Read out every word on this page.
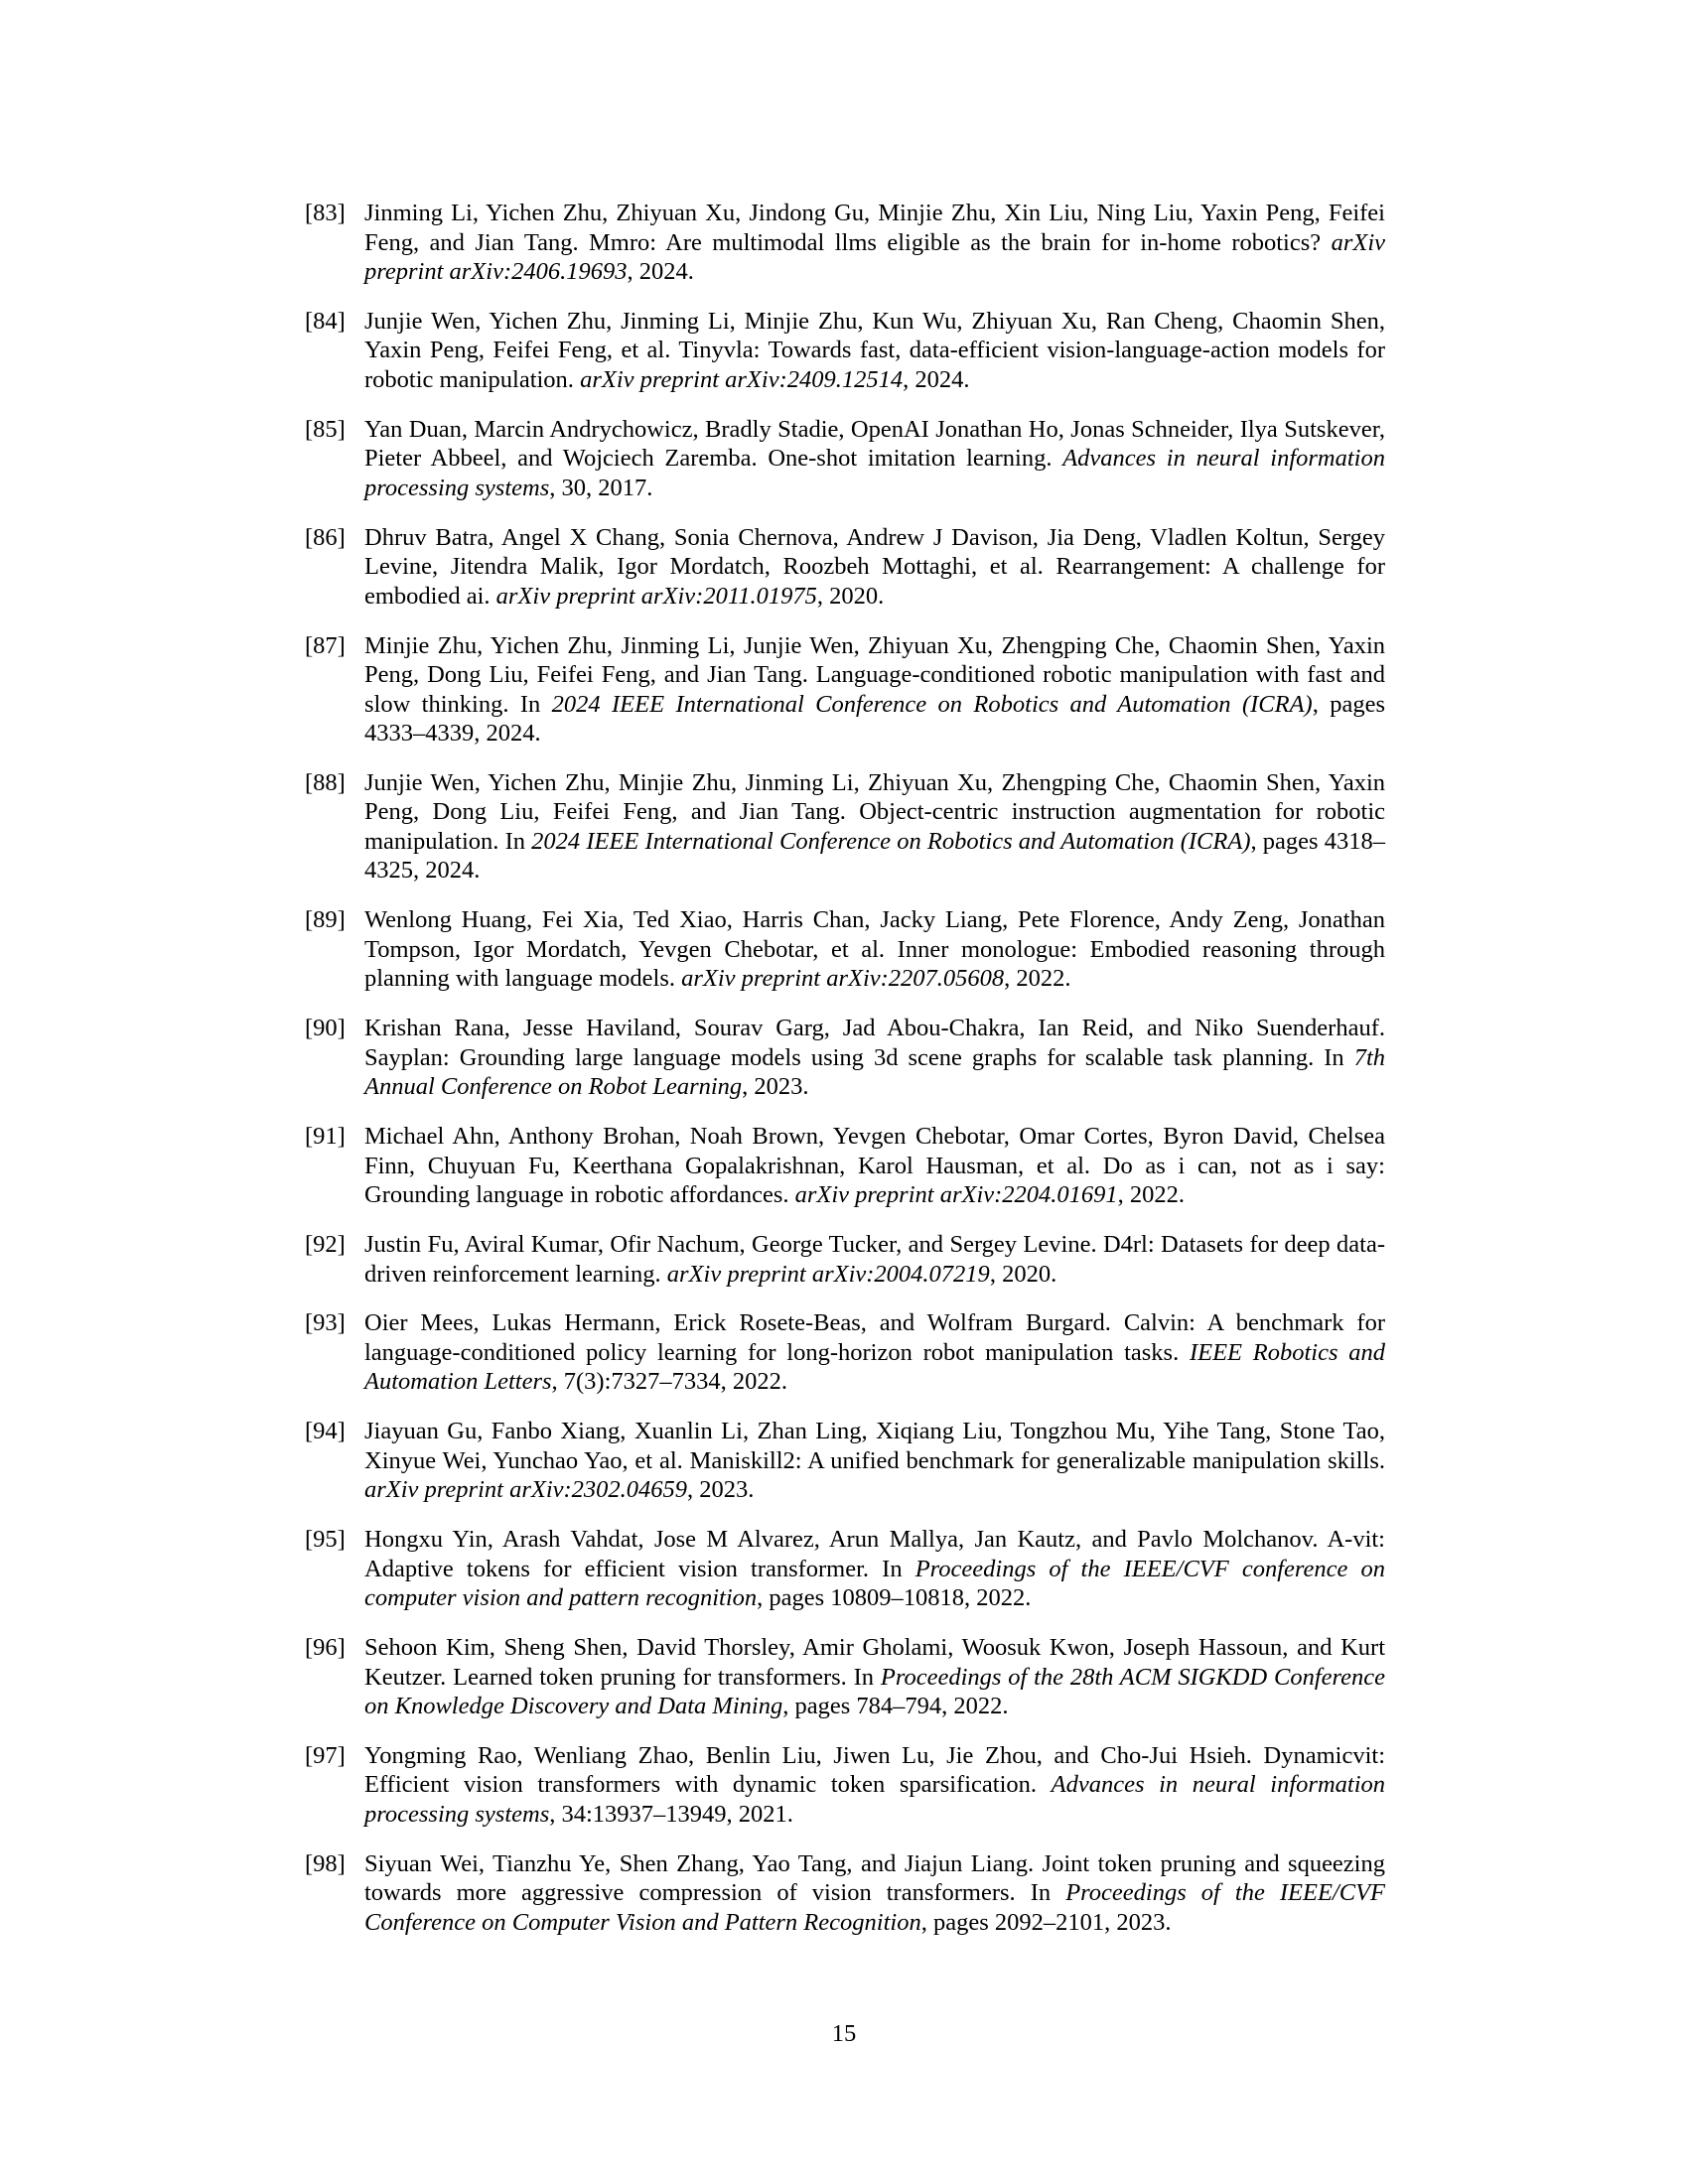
[83] Jinming Li, Yichen Zhu, Zhiyuan Xu, Jindong Gu, Minjie Zhu, Xin Liu, Ning Liu, Yaxin Peng, Feifei Feng, and Jian Tang. Mmro: Are multimodal llms eligible as the brain for in-home robotics? arXiv preprint arXiv:2406.19693, 2024.
[84] Junjie Wen, Yichen Zhu, Jinming Li, Minjie Zhu, Kun Wu, Zhiyuan Xu, Ran Cheng, Chaomin Shen, Yaxin Peng, Feifei Feng, et al. Tinyvla: Towards fast, data-efficient vision-language-action models for robotic manipulation. arXiv preprint arXiv:2409.12514, 2024.
[85] Yan Duan, Marcin Andrychowicz, Bradly Stadie, OpenAI Jonathan Ho, Jonas Schneider, Ilya Sutskever, Pieter Abbeel, and Wojciech Zaremba. One-shot imitation learning. Advances in neural information processing systems, 30, 2017.
[86] Dhruv Batra, Angel X Chang, Sonia Chernova, Andrew J Davison, Jia Deng, Vladlen Koltun, Sergey Levine, Jitendra Malik, Igor Mordatch, Roozbeh Mottaghi, et al. Rearrangement: A challenge for embodied ai. arXiv preprint arXiv:2011.01975, 2020.
[87] Minjie Zhu, Yichen Zhu, Jinming Li, Junjie Wen, Zhiyuan Xu, Zhengping Che, Chaomin Shen, Yaxin Peng, Dong Liu, Feifei Feng, and Jian Tang. Language-conditioned robotic manipulation with fast and slow thinking. In 2024 IEEE International Conference on Robotics and Automation (ICRA), pages 4333–4339, 2024.
[88] Junjie Wen, Yichen Zhu, Minjie Zhu, Jinming Li, Zhiyuan Xu, Zhengping Che, Chaomin Shen, Yaxin Peng, Dong Liu, Feifei Feng, and Jian Tang. Object-centric instruction augmentation for robotic manipulation. In 2024 IEEE International Conference on Robotics and Automation (ICRA), pages 4318–4325, 2024.
[89] Wenlong Huang, Fei Xia, Ted Xiao, Harris Chan, Jacky Liang, Pete Florence, Andy Zeng, Jonathan Tompson, Igor Mordatch, Yevgen Chebotar, et al. Inner monologue: Embodied reasoning through planning with language models. arXiv preprint arXiv:2207.05608, 2022.
[90] Krishan Rana, Jesse Haviland, Sourav Garg, Jad Abou-Chakra, Ian Reid, and Niko Suenderhauf. Sayplan: Grounding large language models using 3d scene graphs for scalable task planning. In 7th Annual Conference on Robot Learning, 2023.
[91] Michael Ahn, Anthony Brohan, Noah Brown, Yevgen Chebotar, Omar Cortes, Byron David, Chelsea Finn, Chuyuan Fu, Keerthana Gopalakrishnan, Karol Hausman, et al. Do as i can, not as i say: Grounding language in robotic affordances. arXiv preprint arXiv:2204.01691, 2022.
[92] Justin Fu, Aviral Kumar, Ofir Nachum, George Tucker, and Sergey Levine. D4rl: Datasets for deep data-driven reinforcement learning. arXiv preprint arXiv:2004.07219, 2020.
[93] Oier Mees, Lukas Hermann, Erick Rosete-Beas, and Wolfram Burgard. Calvin: A benchmark for language-conditioned policy learning for long-horizon robot manipulation tasks. IEEE Robotics and Automation Letters, 7(3):7327–7334, 2022.
[94] Jiayuan Gu, Fanbo Xiang, Xuanlin Li, Zhan Ling, Xiqiang Liu, Tongzhou Mu, Yihe Tang, Stone Tao, Xinyue Wei, Yunchao Yao, et al. Maniskill2: A unified benchmark for generalizable manipulation skills. arXiv preprint arXiv:2302.04659, 2023.
[95] Hongxu Yin, Arash Vahdat, Jose M Alvarez, Arun Mallya, Jan Kautz, and Pavlo Molchanov. A-vit: Adaptive tokens for efficient vision transformer. In Proceedings of the IEEE/CVF conference on computer vision and pattern recognition, pages 10809–10818, 2022.
[96] Sehoon Kim, Sheng Shen, David Thorsley, Amir Gholami, Woosuk Kwon, Joseph Hassoun, and Kurt Keutzer. Learned token pruning for transformers. In Proceedings of the 28th ACM SIGKDD Conference on Knowledge Discovery and Data Mining, pages 784–794, 2022.
[97] Yongming Rao, Wenliang Zhao, Benlin Liu, Jiwen Lu, Jie Zhou, and Cho-Jui Hsieh. Dynamicvit: Efficient vision transformers with dynamic token sparsification. Advances in neural information processing systems, 34:13937–13949, 2021.
[98] Siyuan Wei, Tianzhu Ye, Shen Zhang, Yao Tang, and Jiajun Liang. Joint token pruning and squeezing towards more aggressive compression of vision transformers. In Proceedings of the IEEE/CVF Conference on Computer Vision and Pattern Recognition, pages 2092–2101, 2023.
15
